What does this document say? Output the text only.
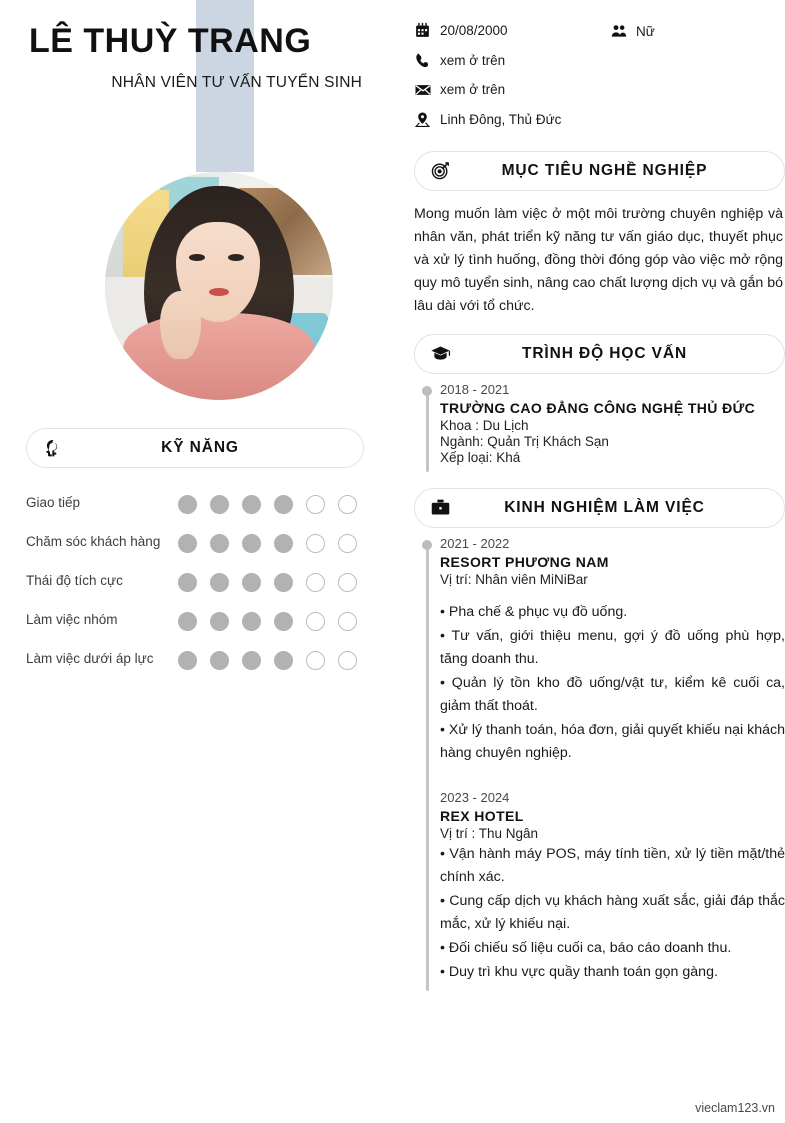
LÊ THUỲ TRANG
NHÂN VIÊN TƯ VẤN TUYỂN SINH
KỸ NĂNG
Giao tiếp
Chăm sóc khách hàng
Thái độ tích cực
Làm việc nhóm
Làm việc dưới áp lực
20/08/2000	Nữ
xem ở trên
xem ở trên
Linh Đông, Thủ Đức
MỤC TIÊU NGHỀ NGHIỆP
Mong muốn làm việc ở một môi trường chuyên nghiệp và nhân văn, phát triển kỹ năng tư vấn giáo dục, thuyết phục và xử lý tình huống, đồng thời đóng góp vào việc mở rộng quy mô tuyển sinh, nâng cao chất lượng dịch vụ và gắn bó lâu dài với tổ chức.
TRÌNH ĐỘ HỌC VẤN
2018 - 2021
TRƯỜNG CAO ĐẲNG CÔNG NGHỆ THỦ ĐỨC
Khoa : Du Lịch
Ngành: Quản Trị Khách Sạn
Xếp loại: Khá
KINH NGHIỆM LÀM VIỆC
2021 - 2022
RESORT PHƯƠNG NAM
Vị trí: Nhân viên MiNiBar
• Pha chế & phục vụ đồ uống.
• Tư vấn, giới thiệu menu, gợi ý đồ uống phù hợp, tăng doanh thu.
• Quản lý tồn kho đồ uống/vật tư, kiểm kê cuối ca, giảm thất thoát.
• Xử lý thanh toán, hóa đơn, giải quyết khiếu nại khách hàng chuyên nghiệp.
2023 - 2024
REX HOTEL
Vị trí : Thu Ngân
• Vận hành máy POS, máy tính tiền, xử lý tiền mặt/thẻ chính xác.
• Cung cấp dịch vụ khách hàng xuất sắc, giải đáp thắc mắc, xử lý khiếu nại.
• Đối chiếu số liệu cuối ca, báo cáo doanh thu.
• Duy trì khu vực quầy thanh toán gọn gàng.
vieclam123.vn
